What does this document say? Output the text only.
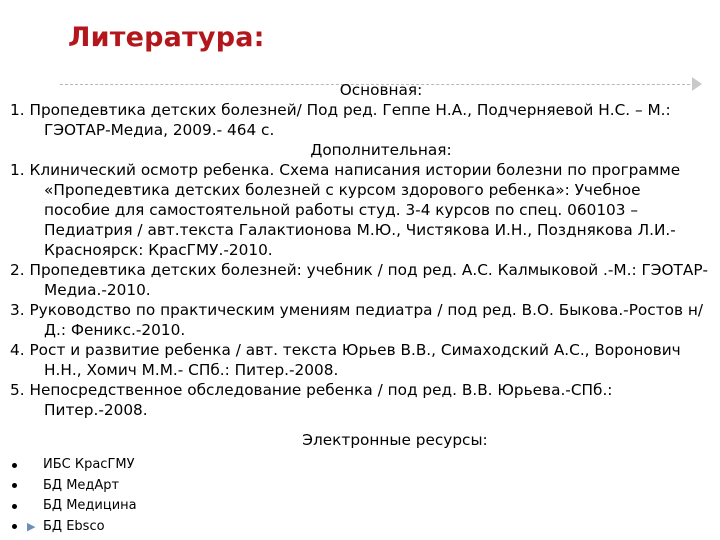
Литература:
Основная:
1. Пропедевтика детских болезней/ Под ред. Геппе Н.А., Подчерняевой Н.С. – М.: ГЭОТАР-Медиа, 2009.- 464 с.
Дополнительная:
1. Клинический осмотр ребенка. Схема написания истории болезни по программе «Пропедевтика детских болезней с курсом здорового ребенка»: Учебное пособие для самостоятельной работы студ. 3-4 курсов по спец. 060103 – Педиатрия / авт.текста Галактионова М.Ю., Чистякова И.Н., Позднякова Л.И.- Красноярск: КрасГМУ.-2010.
2. Пропедевтика детских болезней: учебник / под ред. А.С. Калмыковой .-М.: ГЭОТАР-Медиа.-2010.
3. Руководство по практическим умениям педиатра / под ред. В.О. Быкова.-Ростов н/Д.: Феникс.-2010.
4. Рост и развитие ребенка / авт. текста Юрьев В.В., Симаходский А.С., Воронович Н.Н., Хомич М.М.- СПб.: Питер.-2008.
5. Непосредственное обследование ребенка / под ред. В.В. Юрьева.-СПб.: Питер.-2008.
Электронные ресурсы:
ИБС КрасГМУ
БД МедАрт
БД Медицина
▶ БД Ebsco
